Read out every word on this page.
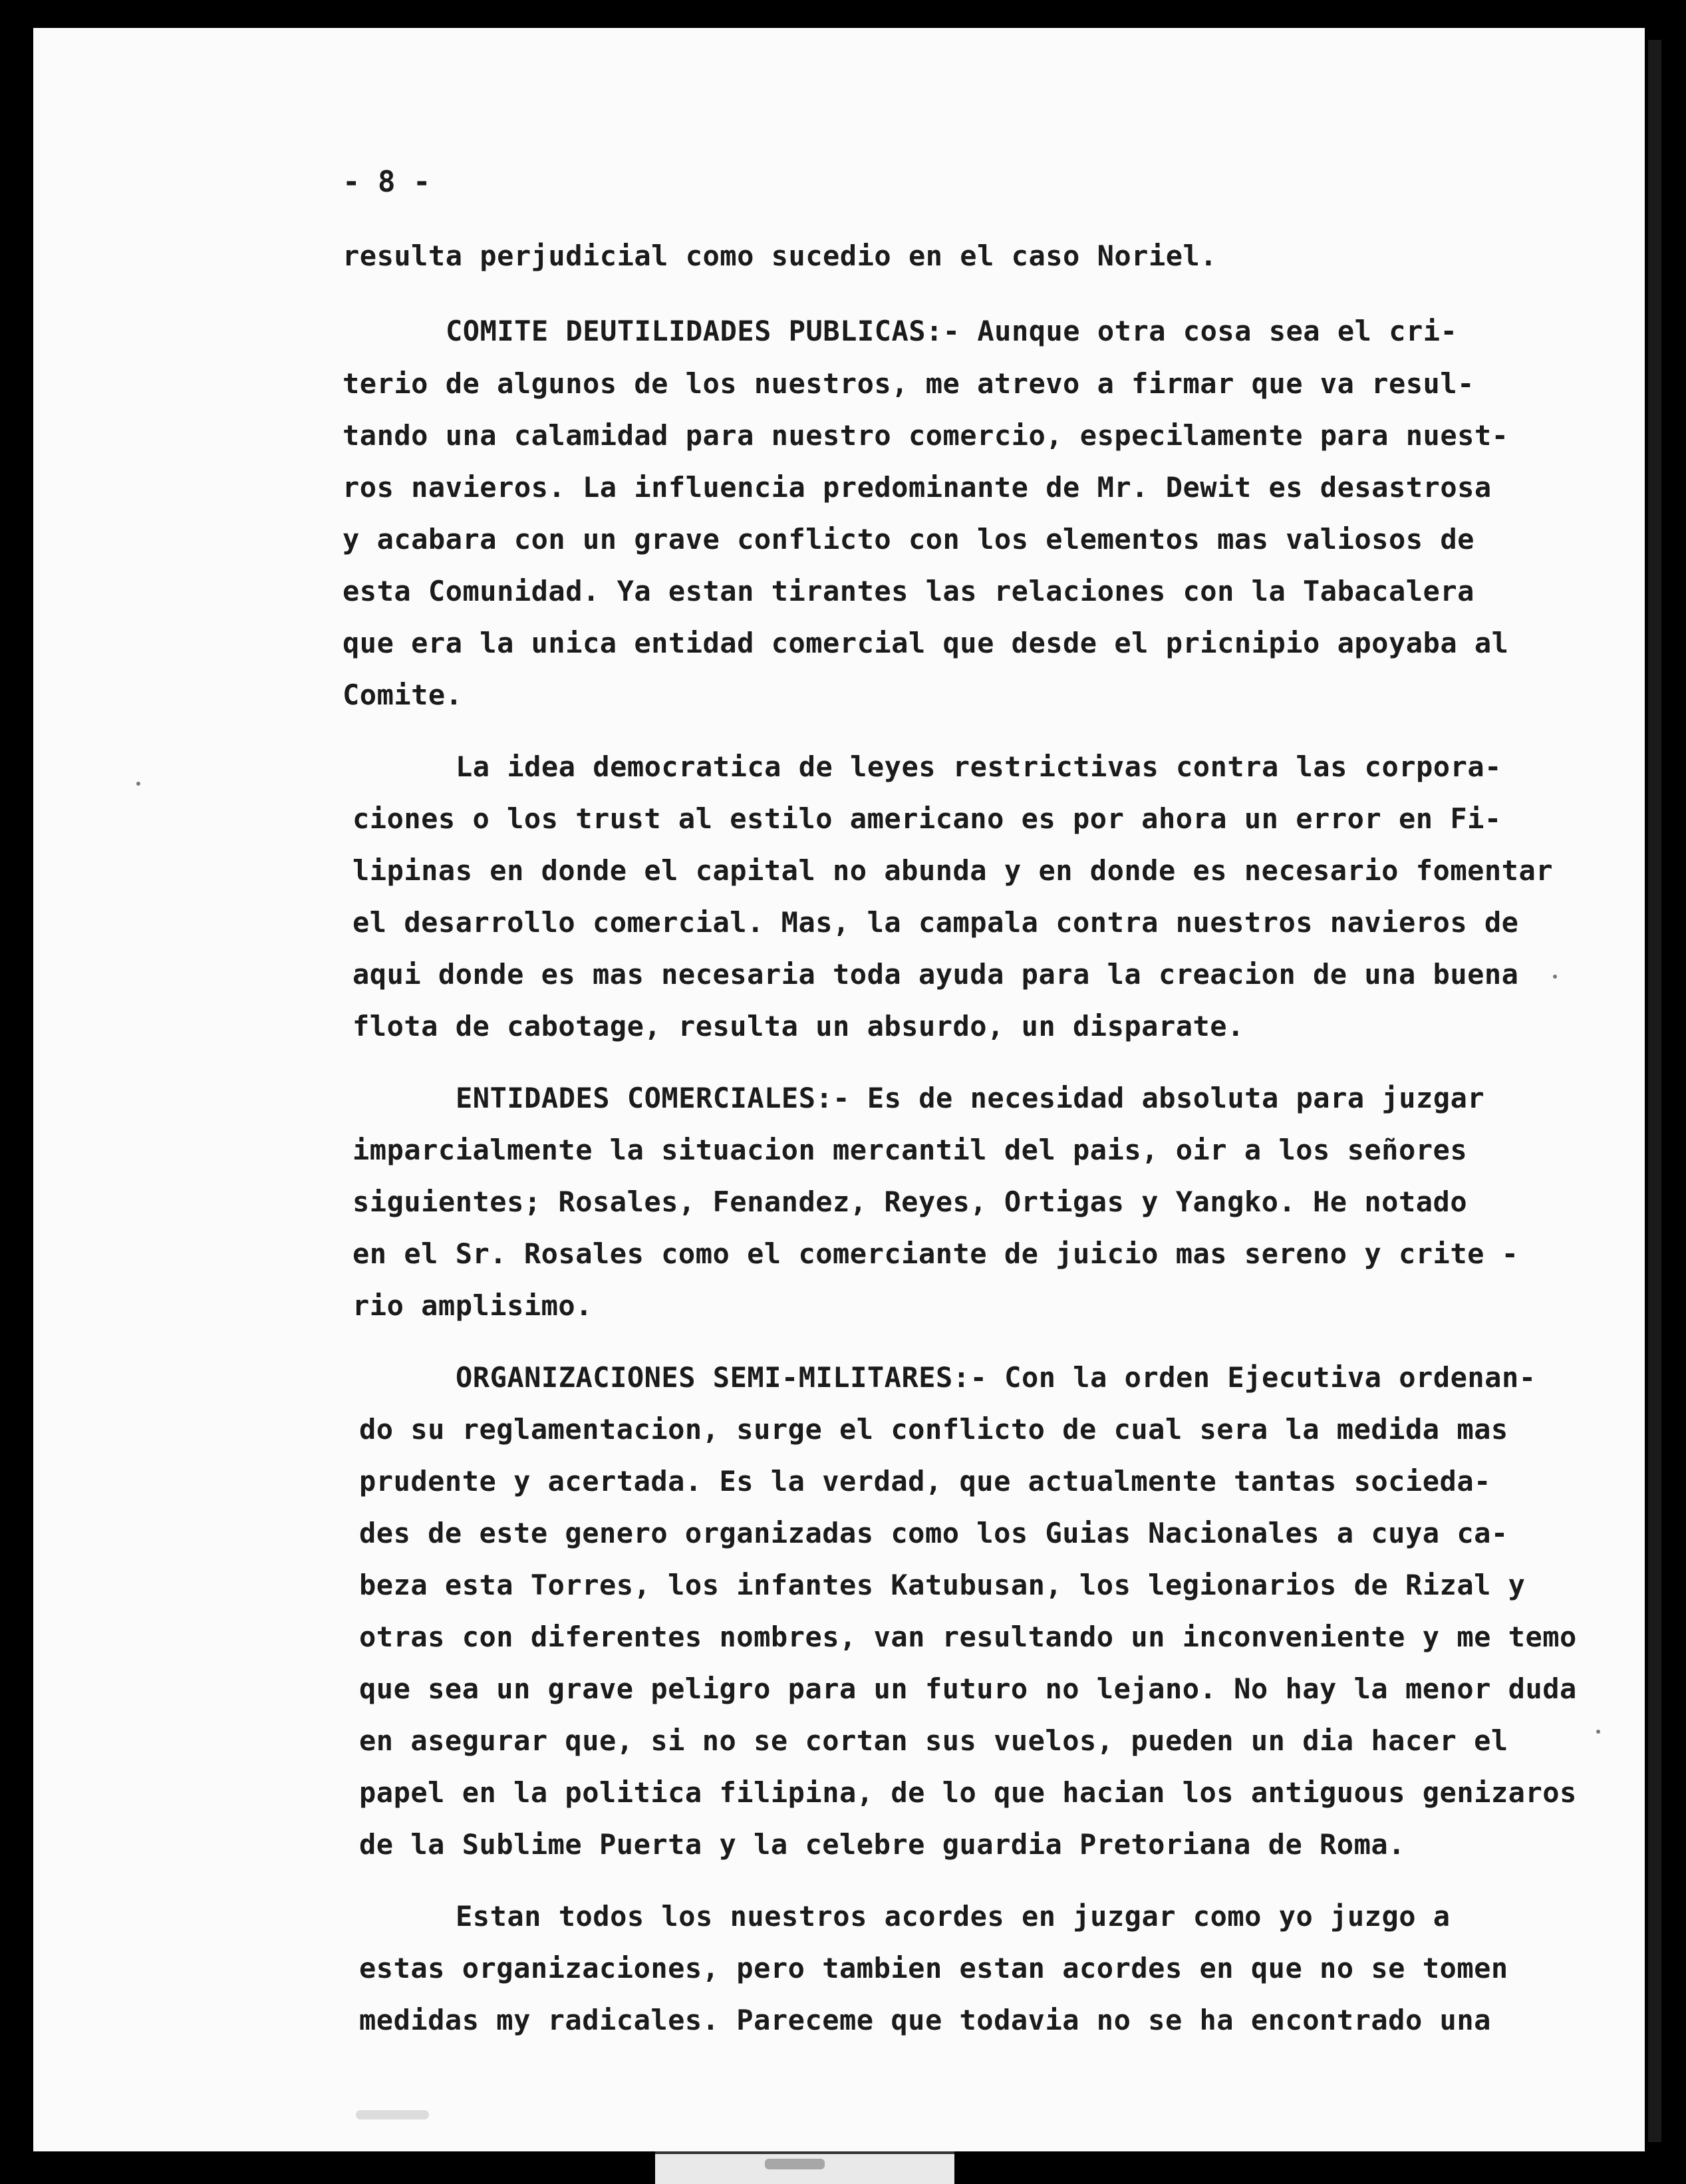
- 8 -
resulta perjudicial como sucedio en el caso Noriel.
COMITE DEUTILIDADES PUBLICAS:- Aunque otra cosa sea el cri-
terio de algunos de los nuestros, me atrevo a firmar que va resul-
tando una calamidad para nuestro comercio, especilamente para nuest-
ros navieros. La influencia predominante de Mr. Dewit es desastrosa
y acabara con un grave conflicto con los elementos mas valiosos de
esta Comunidad. Ya estan tirantes las relaciones con la Tabacalera
que era la unica entidad comercial que desde el pricnipio apoyaba al
Comite.
La idea democratica de leyes restrictivas contra las corpora-
ciones o los trust al estilo americano es por ahora un error en Fi-
lipinas en donde el capital no abunda y en donde es necesario fomentar
el desarrollo comercial. Mas, la campala contra nuestros navieros de
aqui donde es mas necesaria toda ayuda para la creacion de una buena
flota de cabotage, resulta un absurdo, un disparate.
ENTIDADES COMERCIALES:- Es de necesidad absoluta para juzgar
imparcialmente la situacion mercantil del pais, oir a los señores
siguientes; Rosales, Fenandez, Reyes, Ortigas y Yangko. He notado
en el Sr. Rosales como el comerciante de juicio mas sereno y crite -
rio amplisimo.
ORGANIZACIONES SEMI-MILITARES:- Con la orden Ejecutiva ordenan-
do su reglamentacion, surge el conflicto de cual sera la medida mas
prudente y acertada. Es la verdad, que actualmente tantas socieda-
des de este genero organizadas como los Guias Nacionales a cuya ca-
beza esta Torres, los infantes Katubusan, los legionarios de Rizal y
otras con diferentes nombres, van resultando un inconveniente y me temo
que sea un grave peligro para un futuro no lejano. No hay la menor duda
en asegurar que, si no se cortan sus vuelos, pueden un dia hacer el
papel en la politica filipina, de lo que hacian los antiguous genizaros
de la Sublime Puerta y la celebre guardia Pretoriana de Roma.
Estan todos los nuestros acordes en juzgar como yo juzgo a
estas organizaciones, pero tambien estan acordes en que no se tomen
medidas my radicales. Pareceme que todavia no se ha encontrado una
